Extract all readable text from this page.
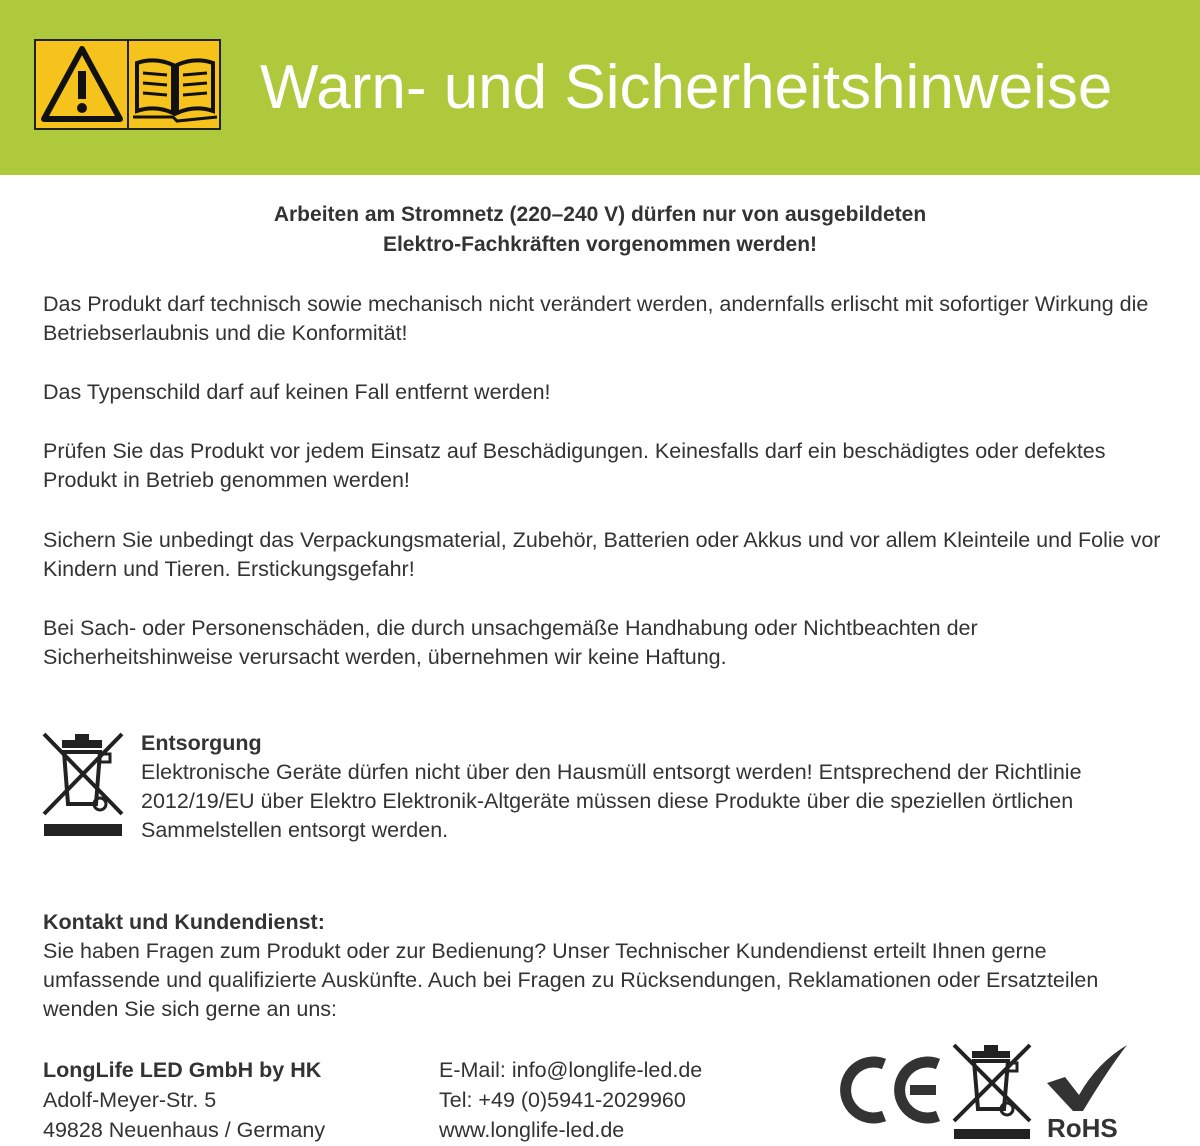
Warn- und Sicherheitshinweise
Arbeiten am Stromnetz (220–240 V) dürfen nur von ausgebildeten
Elektro-Fachkräften vorgenommen werden!
Das Produkt darf technisch sowie mechanisch nicht verändert werden, andernfalls erlischt mit sofortiger Wirkung die Betriebserlaubnis und die Konformität!
Das Typenschild darf auf keinen Fall entfernt werden!
Prüfen Sie das Produkt vor jedem Einsatz auf Beschädigungen. Keinesfalls darf ein beschädigtes oder defektes Produkt in Betrieb genommen werden!
Sichern Sie unbedingt das Verpackungsmaterial, Zubehör, Batterien oder Akkus und vor allem Kleinteile und Folie vor Kindern und Tieren. Erstickungsgefahr!
Bei Sach- oder Personenschäden, die durch unsachgemäße Handhabung oder Nichtbeachten der Sicherheitshinweise verursacht werden, übernehmen wir keine Haftung.
Entsorgung
Elektronische Geräte dürfen nicht über den Hausmüll entsorgt werden! Entsprechend der Richtlinie 2012/19/EU über Elektro Elektronik-Altgeräte müssen diese Produkte über die speziellen örtlichen Sammelstellen entsorgt werden.
Kontakt und Kundendienst:
Sie haben Fragen zum Produkt oder zur Bedienung? Unser Technischer Kundendienst erteilt Ihnen gerne umfassende und qualifizierte Auskünfte. Auch bei Fragen zu Rücksendungen, Reklamationen oder Ersatzteilen wenden Sie sich gerne an uns:
LongLife LED GmbH by HK
Adolf-Meyer-Str. 5
49828 Neuenhaus / Germany
E-Mail: info@longlife-led.de
Tel: +49 (0)5941-2029960
www.longlife-led.de	RoHS
